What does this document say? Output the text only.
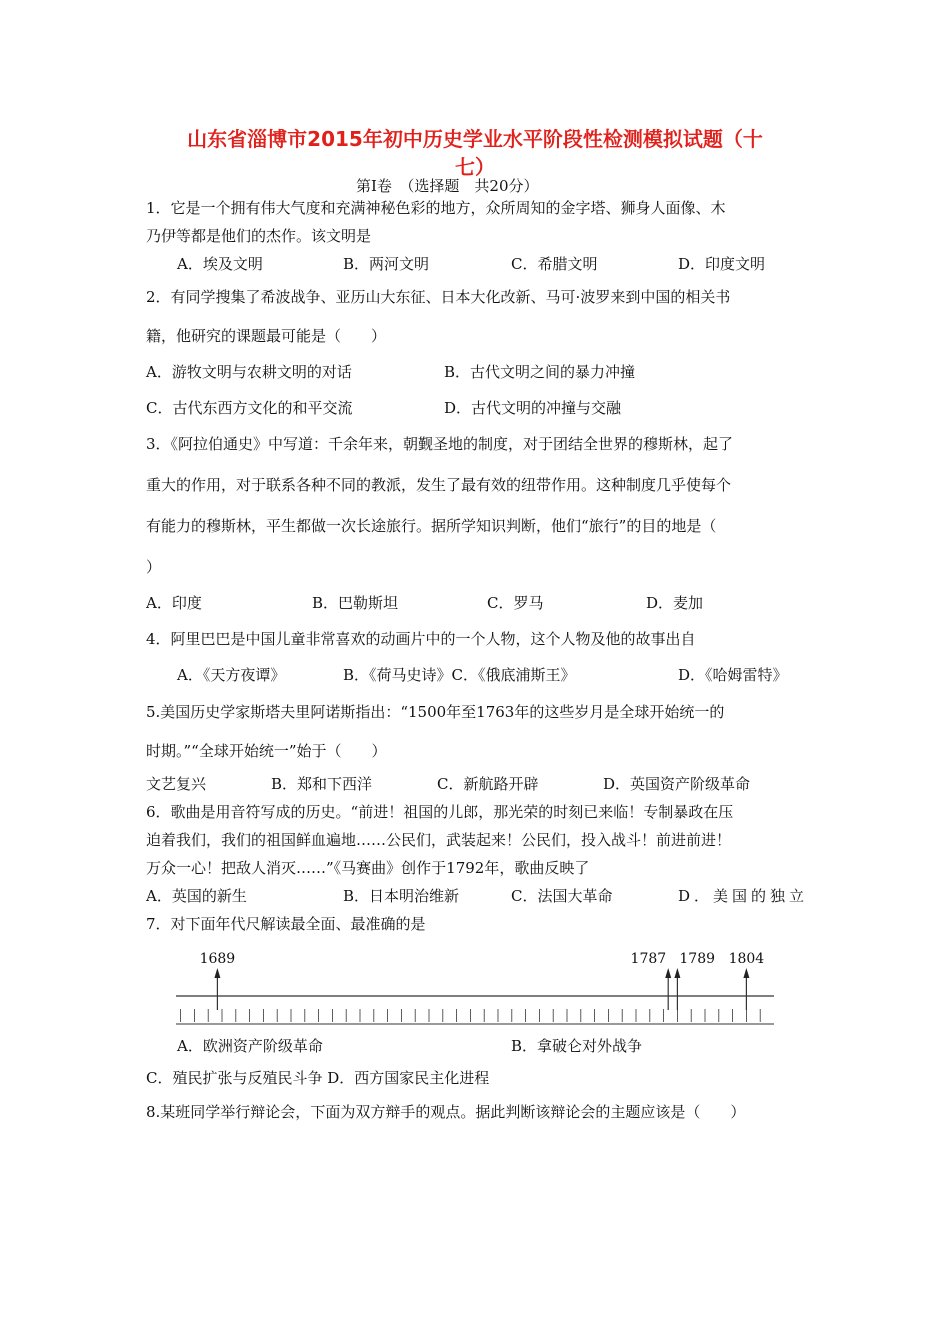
山东省淄博市2015年初中历史学业水平阶段性检测模拟试题（十
七）
第Ⅰ卷　（选择题　共20分）
1．它是一个拥有伟大气度和充满神秘色彩的地方，众所周知的金字塔、狮身人面像、木
乃伊等都是他们的杰作。该文明是
A．埃及文明	B．两河文明	C．希腊文明	D．印度文明
2．有同学搜集了希波战争、亚历山大东征、日本大化改新、马可·波罗来到中国的相关书
籍，他研究的课题最可能是（　　）
A．游牧文明与农耕文明的对话	B．古代文明之间的暴力冲撞
C．古代东西方文化的和平交流	D．古代文明的冲撞与交融
3．《阿拉伯通史》中写道：千余年来，朝觐圣地的制度，对于团结全世界的穆斯林，起了
重大的作用，对于联系各种不同的教派，发生了最有效的纽带作用。这种制度几乎使每个
有能力的穆斯林，平生都做一次长途旅行。据所学知识判断，他们“旅行”的目的地是（
）
A．印度	B．巴勒斯坦	C．罗马	D．麦加
4．阿里巴巴是中国儿童非常喜欢的动画片中的一个人物，这个人物及他的故事出自
A．《天方夜谭》	B．《荷马史诗》C．《俄底浦斯王》	D．《哈姆雷特》
5.美国历史学家斯塔夫里阿诺斯指出：“1500年至1763年的这些岁月是全球开始统一的
时期。”“全球开始统一”始于（　　）
文艺复兴	B．郑和下西洋	C．新航路开辟	D．英国资产阶级革命
6．歌曲是用音符写成的历史。“前进！祖国的儿郎，那光荣的时刻已来临！专制暴政在压
迫着我们，我们的祖国鲜血遍地……公民们，武装起来！公民们，投入战斗！前进前进！
万众一心！把敌人消灭……”《马赛曲》创作于1792年，歌曲反映了
A．英国的新生	B．日本明治维新	C．法国大革命	D．美国的独立
7．对下面年代尺解读最全面、最准确的是
1689	1787 1789 1804
A．欧洲资产阶级革命	B．拿破仑对外战争
C．殖民扩张与反殖民斗争 D．西方国家民主化进程
8.某班同学举行辩论会，下面为双方辩手的观点。据此判断该辩论会的主题应该是（　　）
